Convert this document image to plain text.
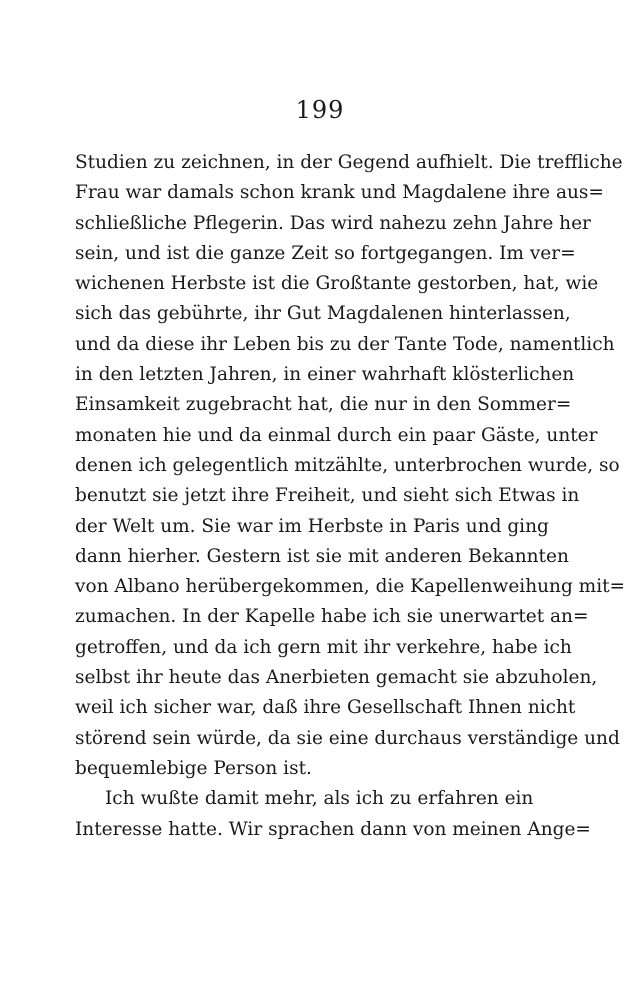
199
Studien zu zeichnen, in der Gegend aufhielt. Die treffliche
Frau war damals schon krank und Magdalene ihre aus=
schließliche Pflegerin. Das wird nahezu zehn Jahre her
sein, und ist die ganze Zeit so fortgegangen. Im ver=
wichenen Herbste ist die Großtante gestorben, hat, wie
sich das gebührte, ihr Gut Magdalenen hinterlassen,
und da diese ihr Leben bis zu der Tante Tode, namentlich
in den letzten Jahren, in einer wahrhaft klösterlichen
Einsamkeit zugebracht hat, die nur in den Sommer=
monaten hie und da einmal durch ein paar Gäste, unter
denen ich gelegentlich mitzählte, unterbrochen wurde, so
benutzt sie jetzt ihre Freiheit, und sieht sich Etwas in
der Welt um. Sie war im Herbste in Paris und ging
dann hierher. Gestern ist sie mit anderen Bekannten
von Albano herübergekommen, die Kapellenweihung mit=
zumachen. In der Kapelle habe ich sie unerwartet an=
getroffen, und da ich gern mit ihr verkehre, habe ich
selbst ihr heute das Anerbieten gemacht sie abzuholen,
weil ich sicher war, daß ihre Gesellschaft Ihnen nicht
störend sein würde, da sie eine durchaus verständige und
bequemlebige Person ist.
Ich wußte damit mehr, als ich zu erfahren ein
Interesse hatte. Wir sprachen dann von meinen Ange=
